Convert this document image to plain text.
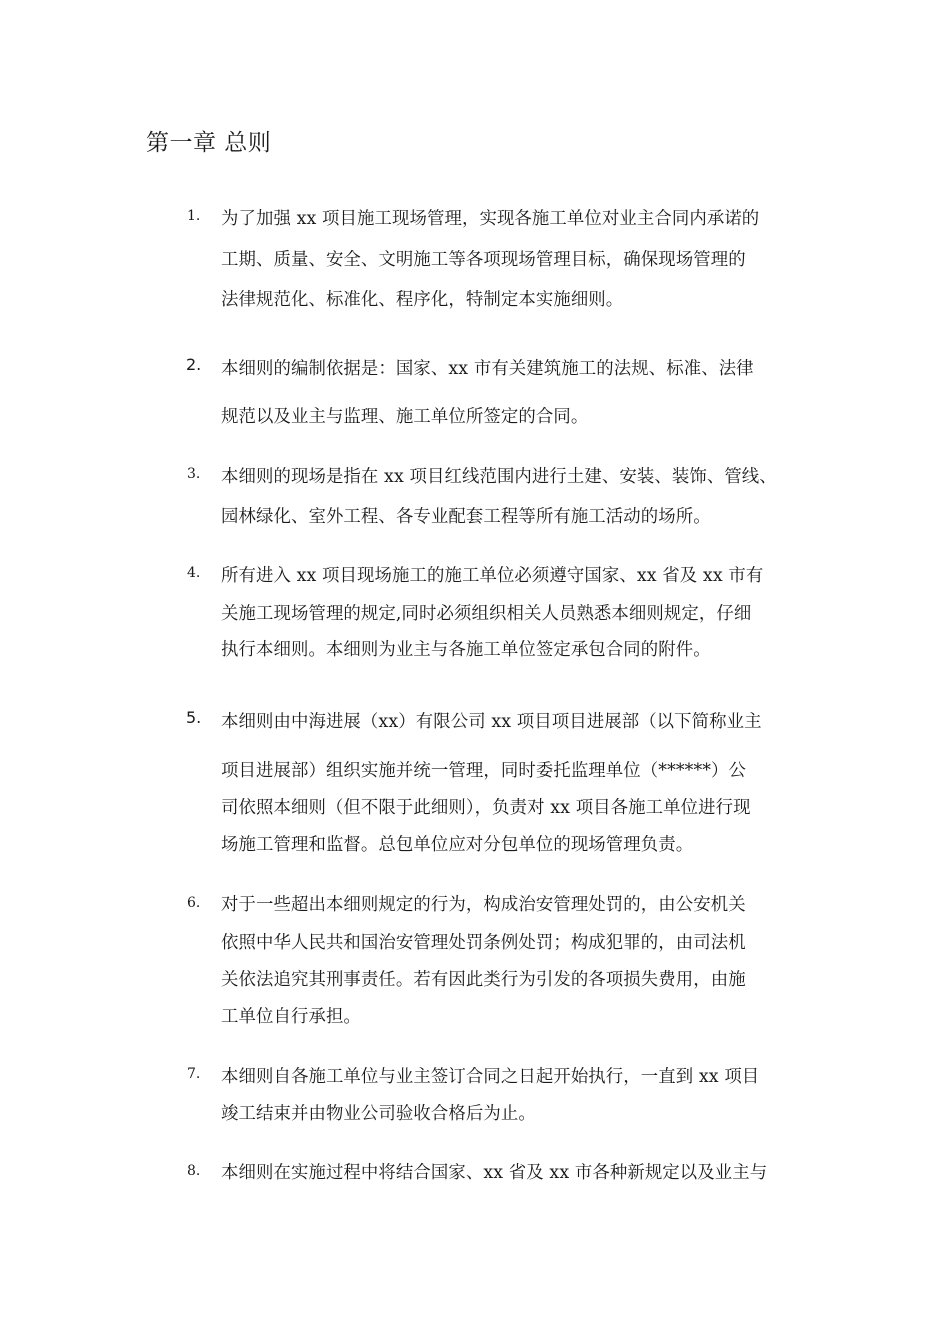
第一章 总则
1. 为了加强 xx 项目施工现场管理，实现各施工单位对业主合同内承诺的
工期、质量、安全、文明施工等各项现场管理目标，确保现场管理的
法律规范化、标准化、程序化，特制定本实施细则。
2. 本细则的编制依据是：国家、xx 市有关建筑施工的法规、标准、法律
规范以及业主与监理、施工单位所签定的合同。
3. 本细则的现场是指在 xx 项目红线范围内进行土建、安装、装饰、管线、
园林绿化、室外工程、各专业配套工程等所有施工活动的场所。
4. 所有进入 xx 项目现场施工的施工单位必须遵守国家、xx 省及 xx 市有
关施工现场管理的规定,同时必须组织相关人员熟悉本细则规定，仔细
执行本细则。本细则为业主与各施工单位签定承包合同的附件。
5. 本细则由中海进展（xx）有限公司 xx 项目项目进展部（以下简称业主
项目进展部）组织实施并统一管理，同时委托监理单位（******）公
司依照本细则（但不限于此细则），负责对 xx 项目各施工单位进行现
场施工管理和监督。总包单位应对分包单位的现场管理负责。
6. 对于一些超出本细则规定的行为，构成治安管理处罚的，由公安机关
依照中华人民共和国治安管理处罚条例处罚；构成犯罪的，由司法机
关依法追究其刑事责任。若有因此类行为引发的各项损失费用，由施
工单位自行承担。
7. 本细则自各施工单位与业主签订合同之日起开始执行，一直到 xx 项目
竣工结束并由物业公司验收合格后为止。
8. 本细则在实施过程中将结合国家、xx 省及 xx 市各种新规定以及业主与
